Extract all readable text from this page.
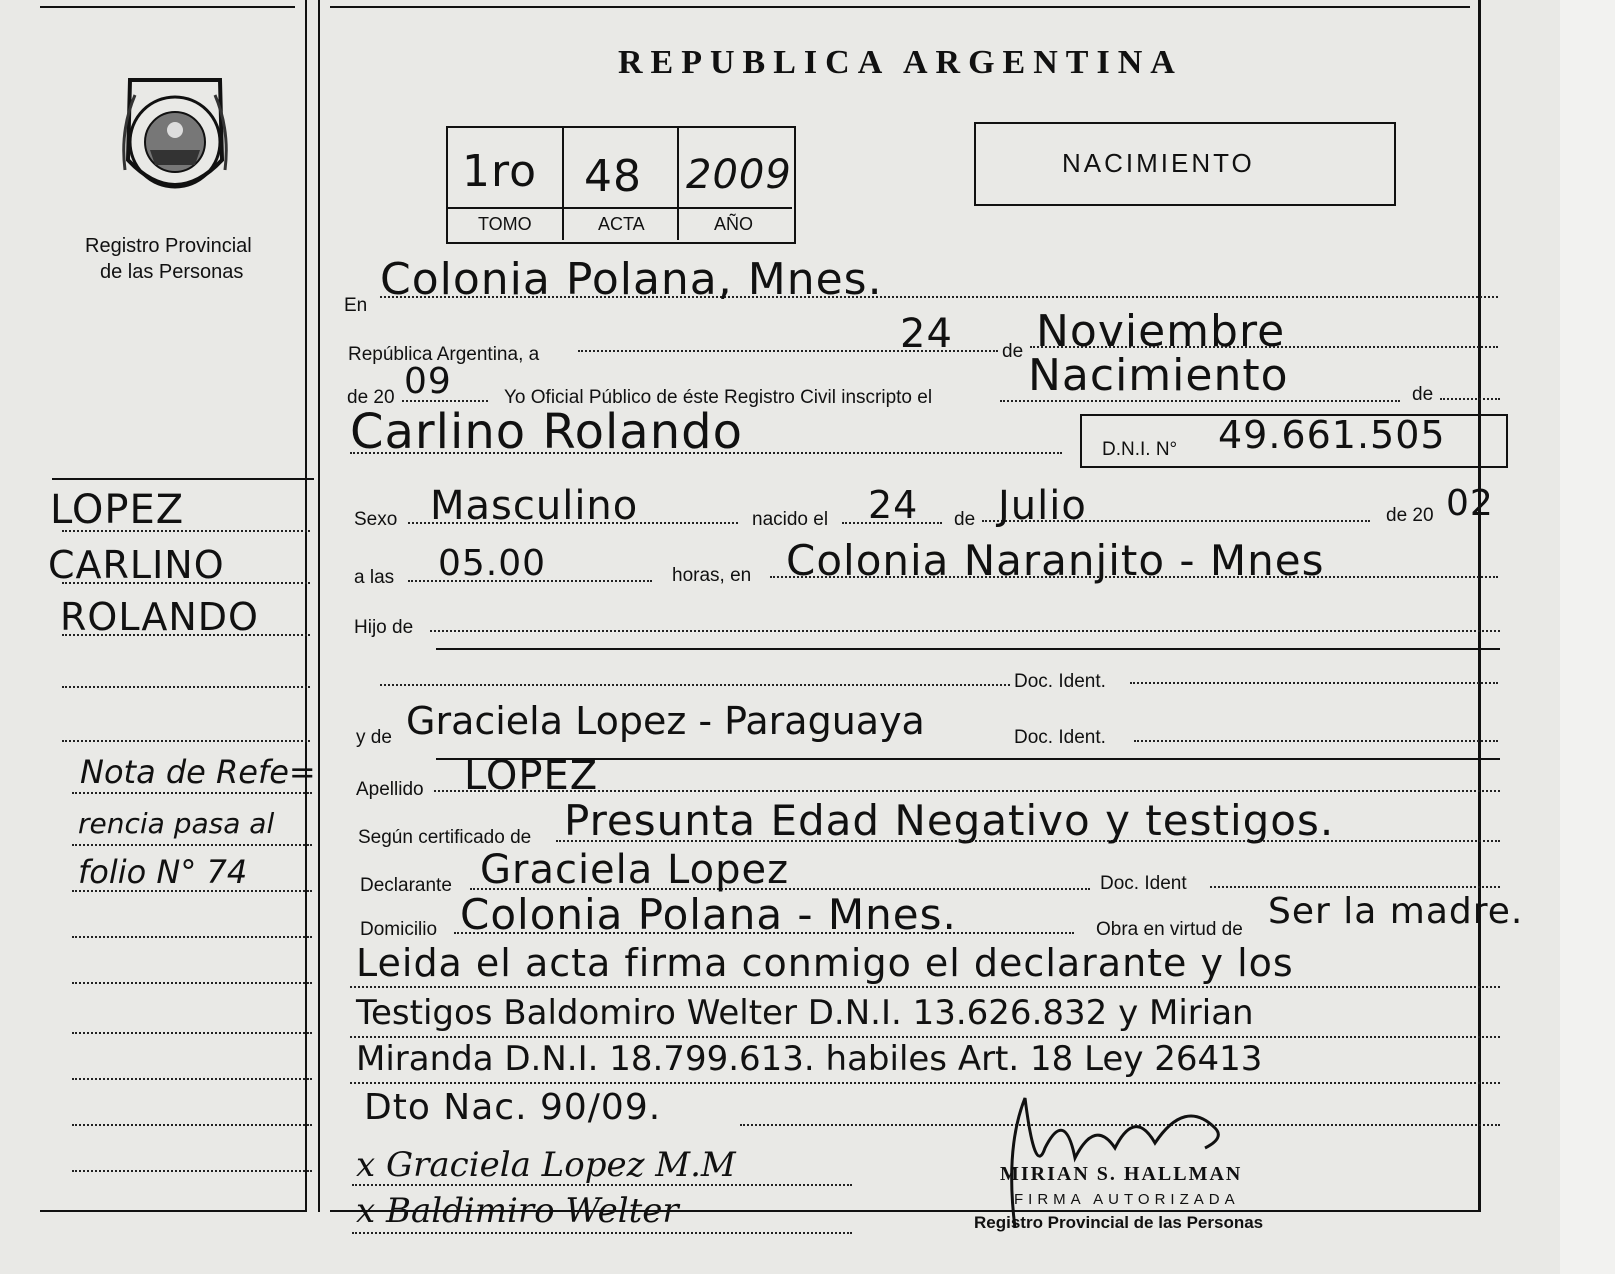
REPUBLICA ARGENTINA
NACIMIENTO
Registro Provincial
de las Personas
1ro 48 2009
TOMO	ACTA	AÑO
En
Colonia Polana, Mnes.
República Argentina, a	24	de Noviembre
de 20 09	Yo Oficial Público de éste Registro Civil inscripto el Nacimiento	de
Carlino Rolando	D.N.I. N° 49.661.505
Sexo Masculino	nacido el 24 de Julio	de 20 02
a las 05.00	horas, en Colonia Naranjito - Mnes
Hijo de
Doc. Ident.
y de Graciela Lopez - Paraguaya	Doc. Ident.
Apellido LOPEZ
Según certificado de Presunta Edad Negativo y testigos.
Declarante Graciela Lopez	Doc. Ident
Domicilio Colonia Polana - Mnes.	Obra en virtud de Ser la madre.
Leida el acta firma conmigo el declarante y los
Testigos Baldomiro Welter D.N.I. 13.626.832 y Mirian
Miranda D.N.I. 18.799.613. habiles Art. 18 Ley 26413
Dto Nac. 90/09.
x Graciela Lopez M.M
x Baldimiro Welter
MIRIAN S. HALLMAN
FIRMA AUTORIZADA
Registro Provincial de las Personas
LOPEZ
CARLINO
ROLANDO
Nota de Refe=
rencia pasa al
folio N° 74
